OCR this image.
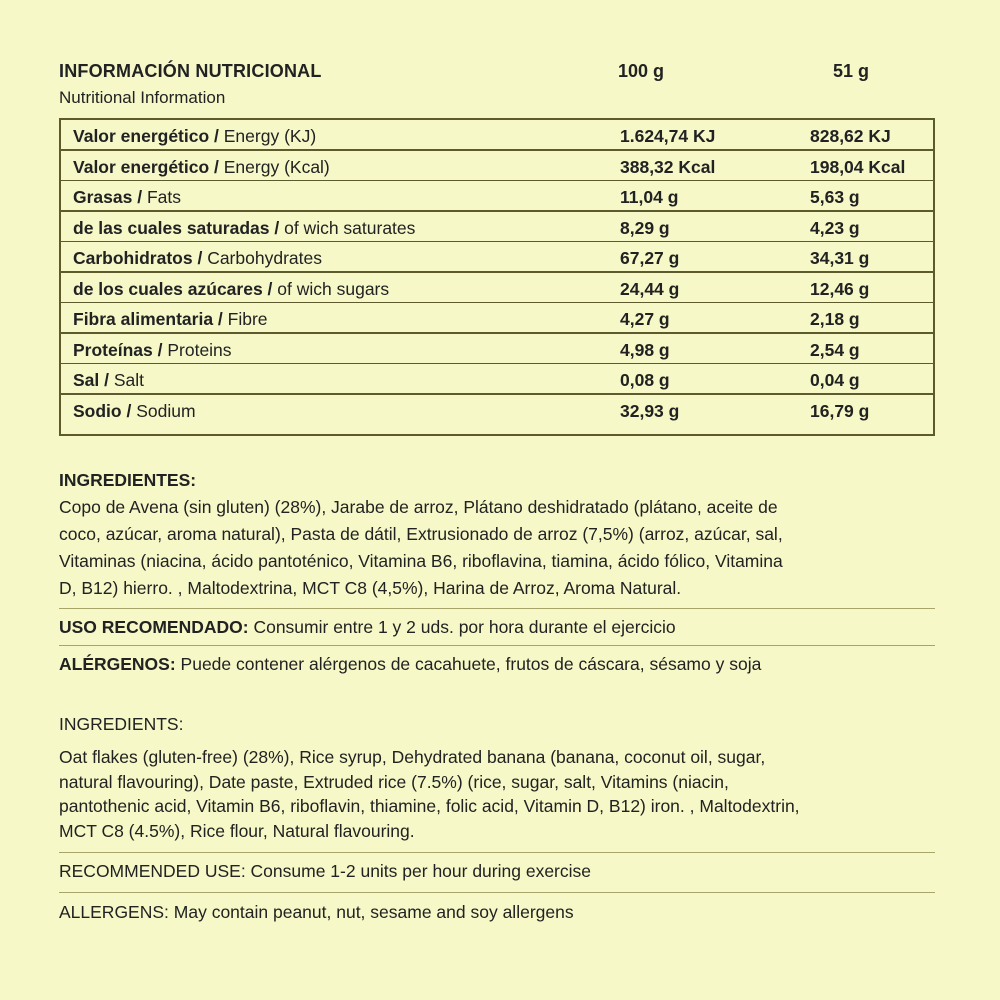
INFORMACIÓN NUTRICIONAL
Nutritional Information
100 g	51 g
Valor energético / Energy (KJ)	1.624,74 KJ	828,62 KJ
Valor energético / Energy (Kcal)	388,32 Kcal	198,04 Kcal
Grasas / Fats	11,04 g	5,63 g
de las cuales saturadas / of wich saturates	8,29 g	4,23 g
Carbohidratos / Carbohydrates	67,27 g	34,31 g
de los cuales azúcares / of wich sugars	24,44 g	12,46 g
Fibra alimentaria / Fibre	4,27 g	2,18 g
Proteínas / Proteins	4,98 g	2,54 g
Sal / Salt	0,08 g	0,04 g
Sodio / Sodium	32,93 g	16,79 g
INGREDIENTES:
Copo de Avena (sin gluten) (28%), Jarabe de arroz, Plátano deshidratado (plátano, aceite de
coco, azúcar, aroma natural), Pasta de dátil, Extrusionado de arroz (7,5%) (arroz, azúcar, sal,
Vitaminas (niacina, ácido pantoténico, Vitamina B6, riboflavina, tiamina, ácido fólico, Vitamina
D, B12) hierro. , Maltodextrina, MCT C8 (4,5%), Harina de Arroz, Aroma Natural.
USO RECOMENDADO: Consumir entre 1 y 2 uds. por hora durante el ejercicio
ALÉRGENOS: Puede contener alérgenos de cacahuete, frutos de cáscara, sésamo y soja
INGREDIENTS:
Oat flakes (gluten-free) (28%), Rice syrup, Dehydrated banana (banana, coconut oil, sugar,
natural flavouring), Date paste, Extruded rice (7.5%) (rice, sugar, salt, Vitamins (niacin,
pantothenic acid, Vitamin B6, riboflavin, thiamine, folic acid, Vitamin D, B12) iron. , Maltodextrin,
MCT C8 (4.5%), Rice flour, Natural flavouring.
RECOMMENDED USE: Consume 1-2 units per hour during exercise
ALLERGENS: May contain peanut, nut, sesame and soy allergens
